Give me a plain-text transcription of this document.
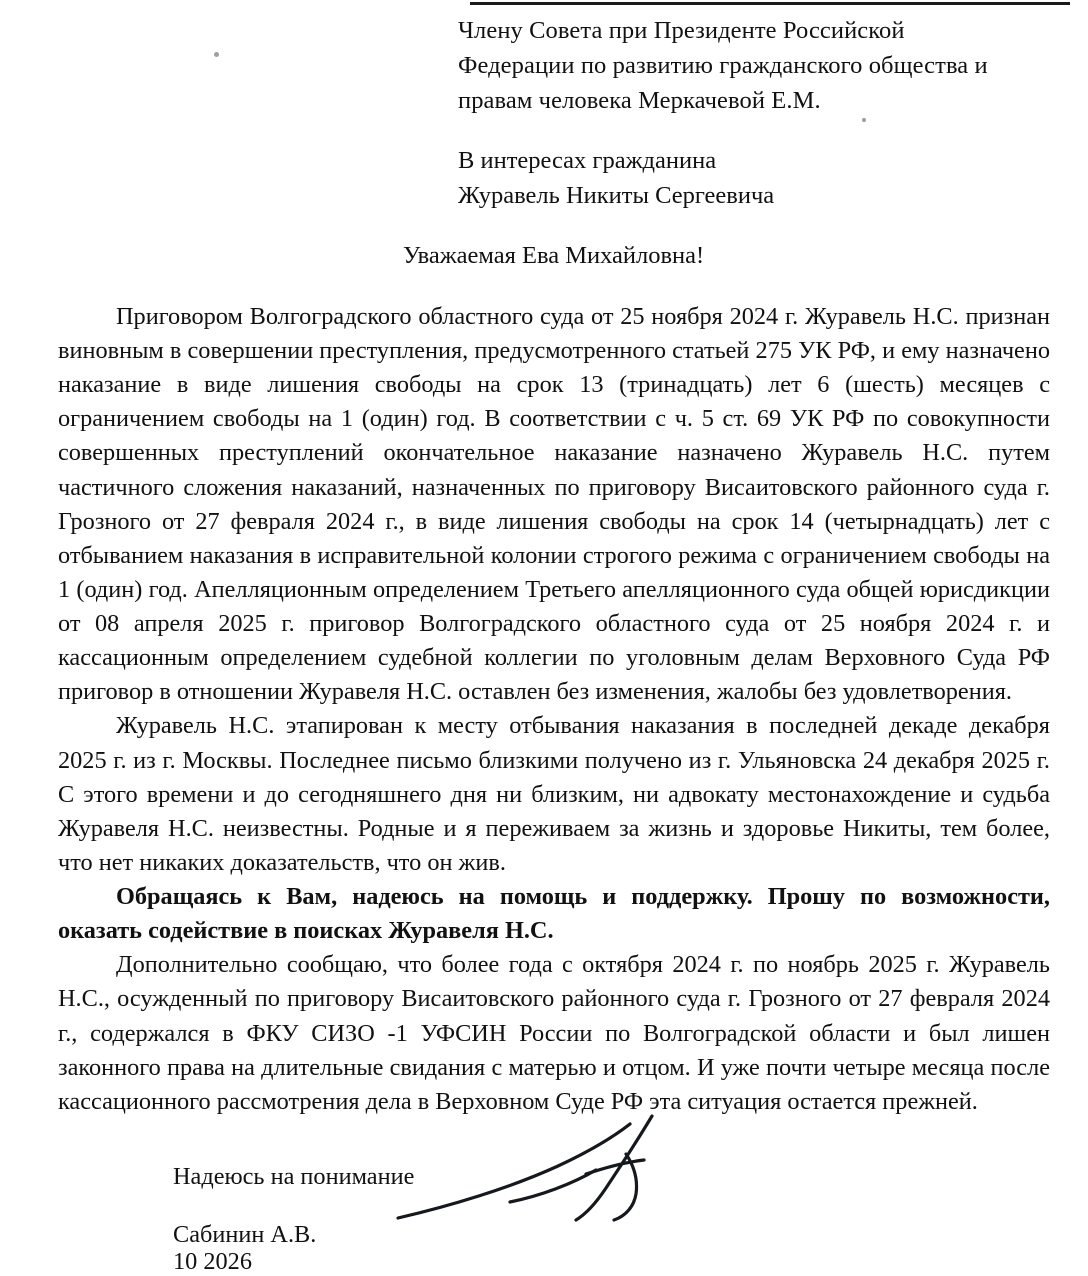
Члену Совета при Президенте Российской
Федерации по развитию гражданского общества и
правам человека Меркачевой Е.М.
В интересах гражданина
Журавель Никиты Сергеевича
Уважаемая Ева Михайловна!

Приговором Волгоградского областного суда от 25 ноября 2024 г. Журавель Н.С. признан виновным в совершении преступления, предусмотренного статьей 275 УК РФ, и ему назначено наказание в виде лишения свободы на срок 13 (тринадцать) лет 6 (шесть) месяцев с ограничением свободы на 1 (один) год. В соответствии с ч. 5 ст. 69 УК РФ по совокупности совершенных преступлений окончательное наказание назначено Журавель Н.С. путем частичного сложения наказаний, назначенных по приговору Висаитовского районного суда г. Грозного от 27 февраля 2024 г., в виде лишения свободы на срок 14 (четырнадцать) лет с отбыванием наказания в исправительной колонии строгого режима с ограничением свободы на 1 (один) год. Апелляционным определением Третьего апелляционного суда общей юрисдикции от 08 апреля 2025 г. приговор Волгоградского областного суда от 25 ноября 2024 г. и кассационным определением судебной коллегии по уголовным делам Верховного Суда РФ приговор в отношении Журавеля Н.С. оставлен без изменения, жалобы без удовлетворения.

Журавель Н.С. этапирован к месту отбывания наказания в последней декаде декабря 2025 г. из г. Москвы. Последнее письмо близкими получено из г. Ульяновска 24 декабря 2025 г. С этого времени и до сегодняшнего дня ни близким, ни адвокату местонахождение и судьба Журавеля Н.С. неизвестны. Родные и я переживаем за жизнь и здоровье Никиты, тем более, что нет никаких доказательств, что он жив.

Обращаясь к Вам, надеюсь на помощь и поддержку. Прошу по возможности, оказать содействие в поисках Журавеля Н.С.

Дополнительно сообщаю, что более года с октября 2024 г. по ноябрь 2025 г. Журавель Н.С., осужденный по приговору Висаитовского районного суда г. Грозного от 27 февраля 2024 г., содержался в ФКУ СИЗО -1 УФСИН России по Волгоградской области и был лишен законного права на длительные свидания с матерью и отцом. И уже почти четыре месяца после кассационного рассмотрения дела в Верховном Суде РФ эта ситуация остается прежней.

Надеюсь на понимание
Сабинин А.В.
10 2026
